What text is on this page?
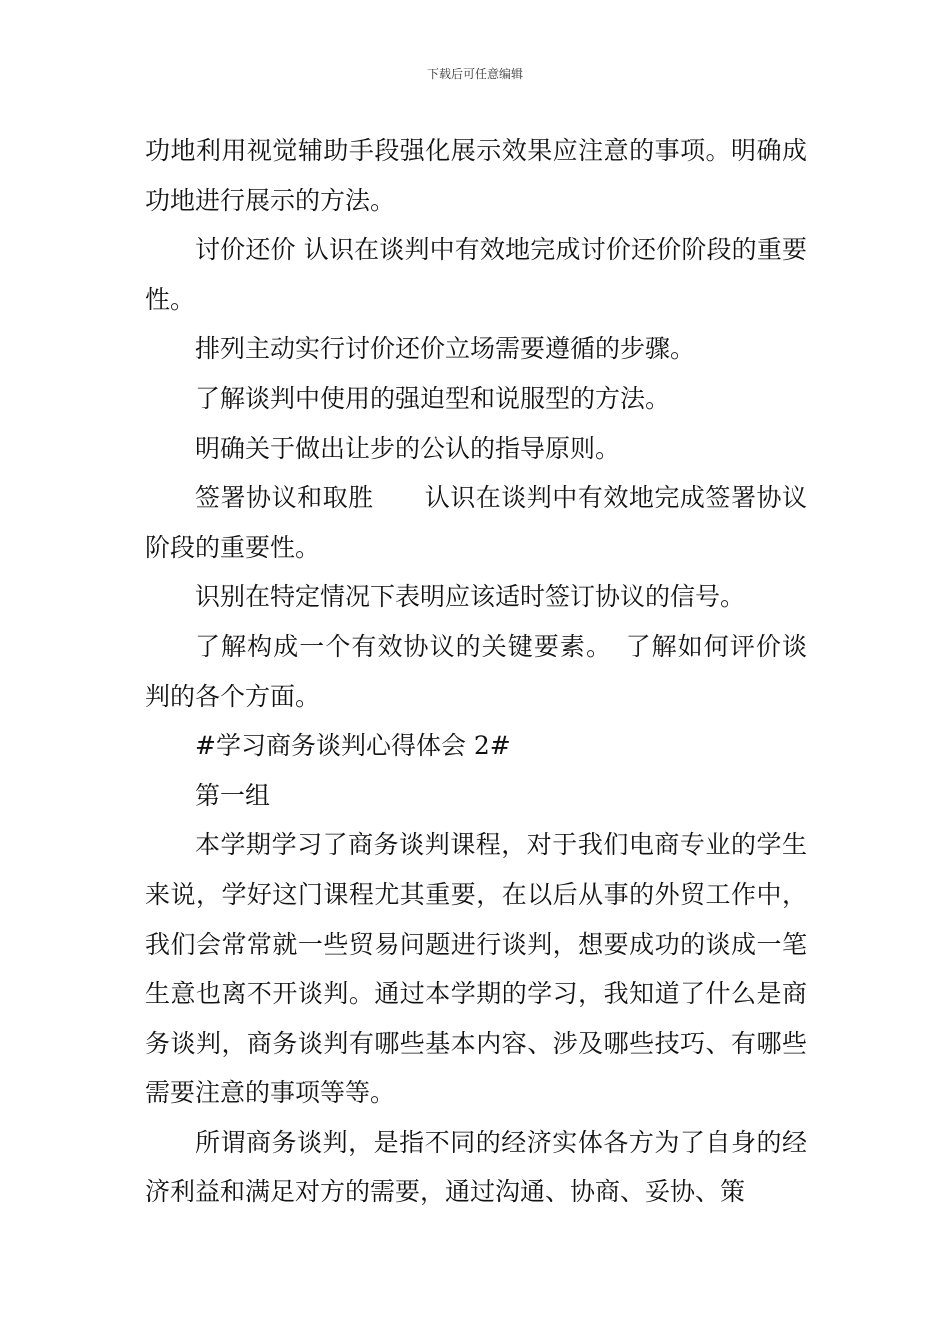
下载后可任意编辑

功地利用视觉辅助手段强化展示效果应注意的事项。明确成功地进行展示的方法。

讨价还价 认识在谈判中有效地完成讨价还价阶段的重要性。

排列主动实行讨价还价立场需要遵循的步骤。

了解谈判中使用的强迫型和说服型的方法。

明确关于做出让步的公认的指导原则。

签署协议和取胜　　认识在谈判中有效地完成签署协议阶段的重要性。

识别在特定情况下表明应该适时签订协议的信号。

了解构成一个有效协议的关键要素。　了解如何评价谈判的各个方面。

#学习商务谈判心得体会 2#

第一组

本学期学习了商务谈判课程，对于我们电商专业的学生来说，学好这门课程尤其重要，在以后从事的外贸工作中，我们会常常就一些贸易问题进行谈判，想要成功的谈成一笔生意也离不开谈判。通过本学期的学习，我知道了什么是商务谈判，商务谈判有哪些基本内容、涉及哪些技巧、有哪些需要注意的事项等等。

所谓商务谈判，是指不同的经济实体各方为了自身的经济利益和满足对方的需要，通过沟通、协商、妥协、策
